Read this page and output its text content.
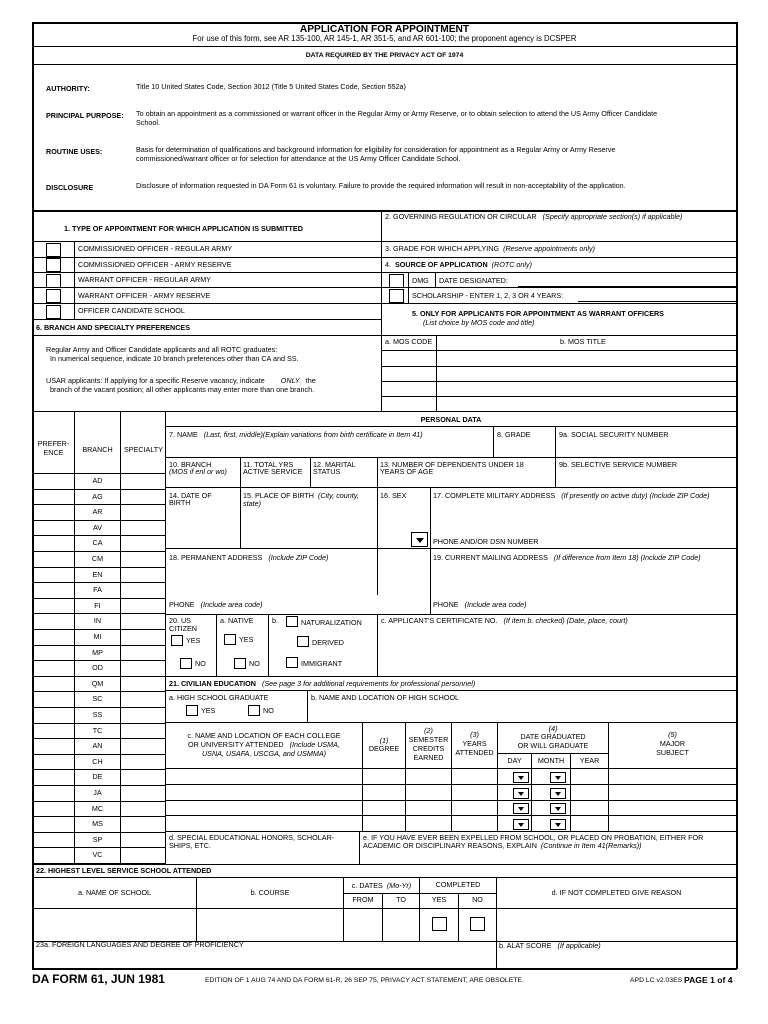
APPLICATION FOR APPOINTMENT
For use of this form, see AR 135-100, AR 145-1, AR 351-5, and AR 601-100; the proponent agency is DCSPER
DATA REQUIRED BY THE PRIVACY ACT OF 1974
AUTHORITY:	Title 10 United States Code, Section 3012 (Title 5 United States Code, Section 552a)
PRINCIPAL PURPOSE: To obtain an appointment as a commissioned or warrant officer in the Regular Army or Army Reserve, or to obtain selection to attend the US Army Officer Candidate
School.
ROUTINE USES:	Basis for determination of qualifications and background information for eligibility for consideration for appointment as a Regular Army or Army Reserve
commissioned/warrant officer or for selection for attendance at the US Army Officer Candidate School.
DISCLOSURE	Disclosure of information requested in DA Form 61 is voluntary. Failure to provide the required information will result in non-acceptability of the application.
1. TYPE OF APPOINTMENT FOR WHICH APPLICATION IS SUBMITTED
COMMISSIONED OFFICER - REGULAR ARMY
COMMISSIONED OFFICER - ARMY RESERVE
WARRANT OFFICER - REGULAR ARMY
WARRANT OFFICER - ARMY RESERVE
OFFICER CANDIDATE SCHOOL
6. BRANCH AND SPECIALTY PREFERENCES
2. GOVERNING REGULATION OR CIRCULAR (Specify appropriate section(s) if applicable)
3. GRADE FOR WHICH APPLYING (Reserve appointments only)
4. SOURCE OF APPLICATION (ROTC only)
DMG DATE DESIGNATED:
SCHOLARSHIP - ENTER 1, 2, 3 OR 4 YEARS:
5. ONLY FOR APPLICANTS FOR APPOINTMENT AS WARRANT OFFICERS
(List choice by MOS code and title)
a. MOS CODE	b. MOS TITLE
Regular Army and Officer Candidate applicants and all ROTC graduates:
In numerical sequence, indicate 10 branch preferences other than CA and SS.
USAR applicants: If applying for a specific Reserve vacancy, indicate ONLY the
branch of the vacant position; all other applicants may enter more than one branch.
PERSONAL DATA
PREFER-
ENCE	BRANCH	SPECIALTY
AD
AG
AR
AV
CA
CM
EN
FA
FI
IN
MI
MP
OD
QM
SC
SS
TC
AN
CH
DE
JA
MC
MS
SP
VC
7. NAME (Last, first, middle)(Explain variations from birth certificate in Item 41)	8. GRADE	9a. SOCIAL SECURITY NUMBER
10. BRANCH
(MOS if enl or wo)
11. TOTAL YRS
ACTIVE SERVICE
12. MARITAL
STATUS
13. NUMBER OF DEPENDENTS UNDER 18
YEARS OF AGE
9b. SELECTIVE SERVICE NUMBER
14. DATE OF
BIRTH
15. PLACE OF BIRTH (City, county,
state)
16. SEX	17. COMPLETE MILITARY ADDRESS (If presently on active duty) (Include ZIP Code)
PHONE AND/OR DSN NUMBER
18. PERMANENT ADDRESS (Include ZIP Code)	19. CURRENT MAILING ADDRESS (If difference from Item 18) (Include ZIP Code)
PHONE (Include area code)	PHONE (Include area code)
20. US
CITIZEN
YES
NO
a. NATIVE
YES
NO
b.	NATURALIZATION
DERIVED
IMMIGRANT
c. APPLICANT'S CERTIFICATE NO. (If item b. checked) (Date, place, court)
21. CIVILIAN EDUCATION (See page 3 for additional requirements for professional personnel)
a. HIGH SCHOOL GRADUATE
YES	NO
b. NAME AND LOCATION OF HIGH SCHOOL
c. NAME AND LOCATION OF EACH COLLEGE
OR UNIVERSITY ATTENDED (Include USMA,
USNA, USAFA, USCGA, and USMMA)
(1)
DEGREE
(2)
SEMESTER
CREDITS
EARNED
(3)
YEARS
ATTENDED
(4)
DATE GRADUATED
OR WILL GRADUATE
(5)
MAJOR
SUBJECT
DAY	MONTH	YEAR
d. SPECIAL EDUCATIONAL HONORS, SCHOLAR-
SHIPS, ETC.
e. IF YOU HAVE EVER BEEN EXPELLED FROM SCHOOL, OR PLACED ON PROBATION, EITHER FOR
ACADEMIC OR DISCIPLINARY REASONS, EXPLAIN (Continue in Item 41(Remarks))
22. HIGHEST LEVEL SERVICE SCHOOL ATTENDED
a. NAME OF SCHOOL	b. COURSE
c. DATES (Mo-Yr)	COMPLETED
FROM	TO	YES	NO
d. IF NOT COMPLETED GIVE REASON
23a. FOREIGN LANGUAGES AND DEGREE OF PROFICIENCY	b. ALAT SCORE (If applicable)
DA FORM 61, JUN 1981	EDITION OF 1 AUG 74 AND DA FORM 61-R, 26 SEP 75, PRIVACY ACT STATEMENT, ARE OBSOLETE.	APD LC v2.03ES PAGE 1 of 4
